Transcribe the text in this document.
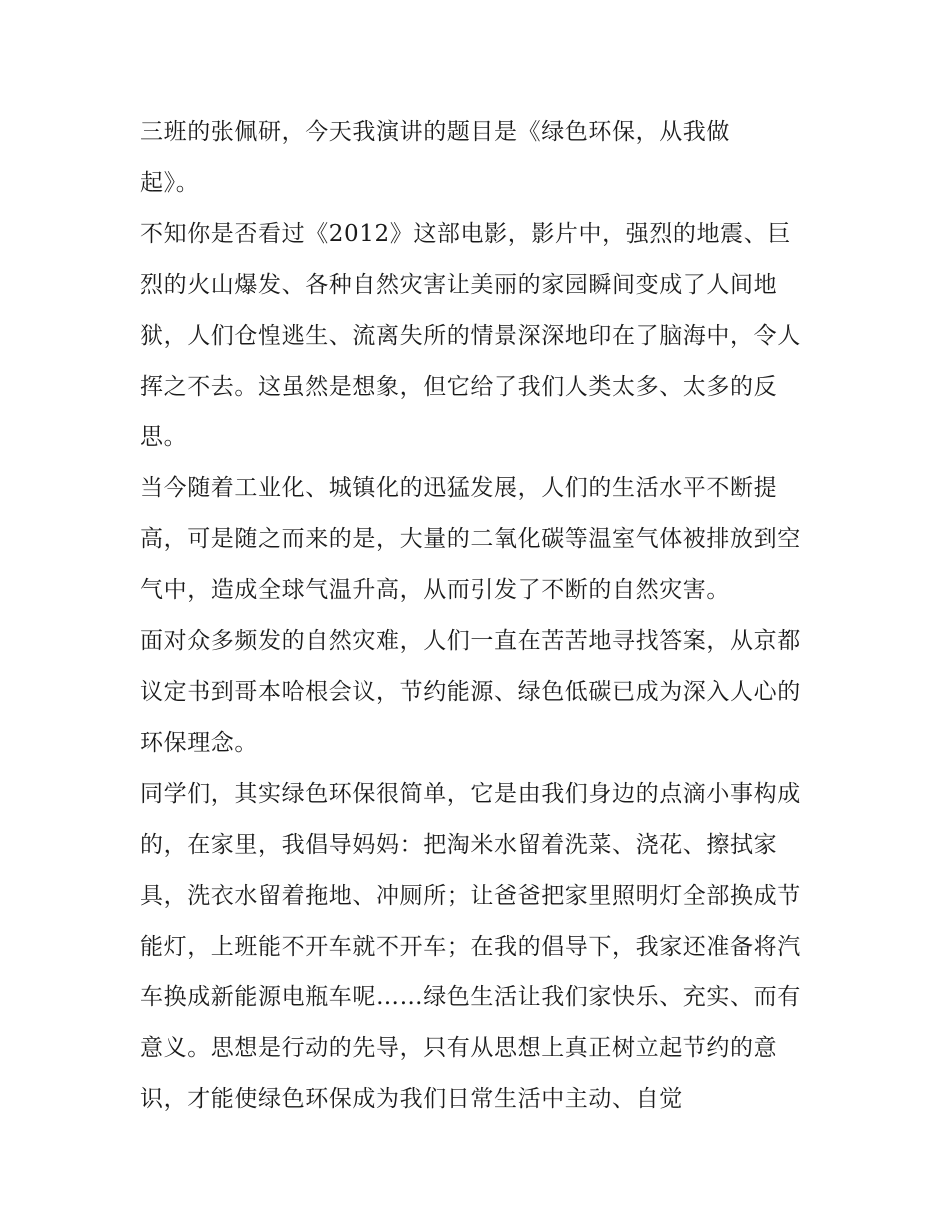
三班的张佩研，今天我演讲的题目是《绿色环保，从我做起》。

不知你是否看过《2012》这部电影，影片中，强烈的地震、巨烈的火山爆发、各种自然灾害让美丽的家园瞬间变成了人间地狱，人们仓惶逃生、流离失所的情景深深地印在了脑海中，令人挥之不去。这虽然是想象，但它给了我们人类太多、太多的反思。

当今随着工业化、城镇化的迅猛发展，人们的生活水平不断提高，可是随之而来的是，大量的二氧化碳等温室气体被排放到空气中，造成全球气温升高，从而引发了不断的自然灾害。

面对众多频发的自然灾难，人们一直在苦苦地寻找答案，从京都议定书到哥本哈根会议，节约能源、绿色低碳已成为深入人心的环保理念。

同学们，其实绿色环保很简单，它是由我们身边的点滴小事构成的，在家里，我倡导妈妈：把淘米水留着洗菜、浇花、擦拭家具，洗衣水留着拖地、冲厕所；让爸爸把家里照明灯全部换成节能灯，上班能不开车就不开车；在我的倡导下，我家还准备将汽车换成新能源电瓶车呢……绿色生活让我们家快乐、充实、而有意义。思想是行动的先导，只有从思想上真正树立起节约的意识，才能使绿色环保成为我们日常生活中主动、自觉
